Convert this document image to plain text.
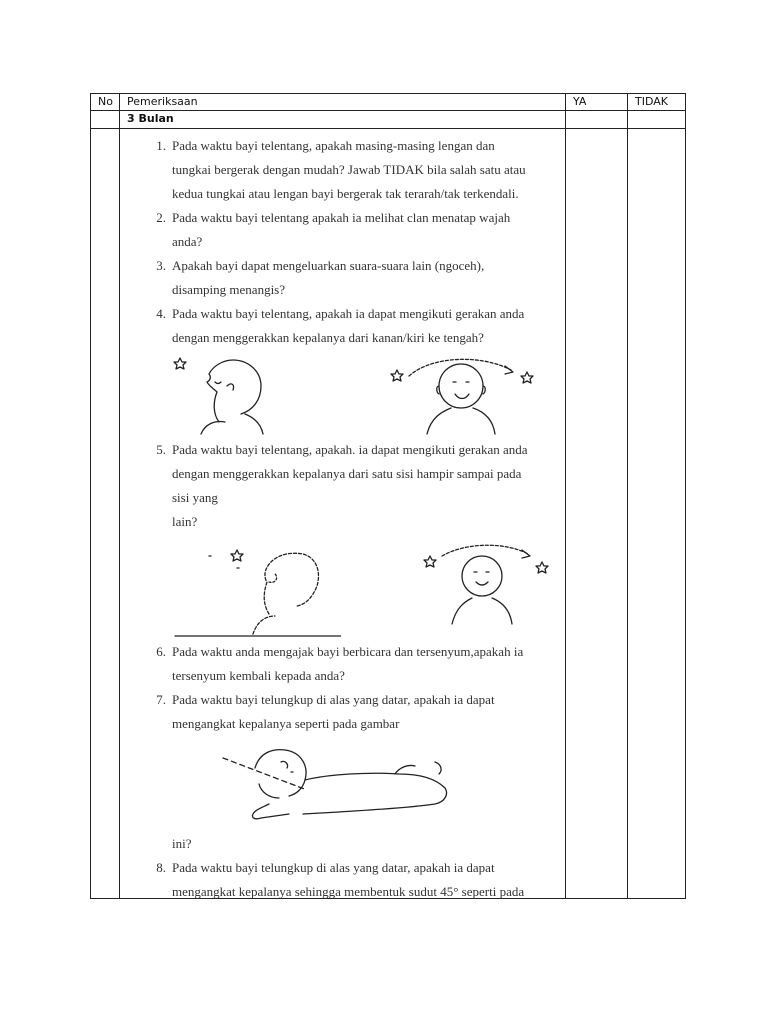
No Pemeriksaan	YA	TIDAK
3 Bulan
1. Pada waktu bayi telentang, apakah masing-masing lengan dan
tungkai bergerak dengan mudah? Jawab TIDAK bila salah satu atau
kedua tungkai atau lengan bayi bergerak tak terarah/tak terkendali.
2. Pada waktu bayi telentang apakah ia melihat clan menatap wajah
anda?
3. Apakah bayi dapat mengeluarkan suara-suara lain (ngoceh),
disamping menangis?
4. Pada waktu bayi telentang, apakah ia dapat mengikuti gerakan anda
dengan menggerakkan kepalanya dari kanan/kiri ke tengah?
5. Pada waktu bayi telentang, apakah. ia dapat mengikuti gerakan anda
dengan menggerakkan kepalanya dari satu sisi hampir sampai pada
sisi yang
lain?
6. Pada waktu anda mengajak bayi berbicara dan tersenyum,apakah ia
tersenyum kembali kepada anda?
7. Pada waktu bayi telungkup di alas yang datar, apakah ia dapat
mengangkat kepalanya seperti pada gambar
ini?
8. Pada waktu bayi telungkup di alas yang datar, apakah ia dapat
mengangkat kepalanya sehingga membentuk sudut 45° seperti pada
